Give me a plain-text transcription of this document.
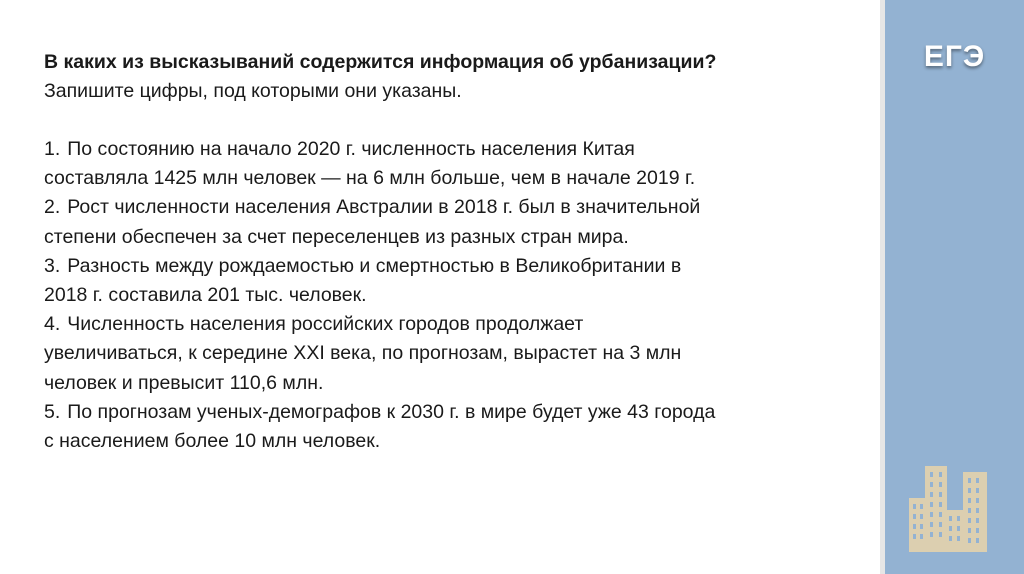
В каких из высказываний содержится информация об урбанизации?

Запишите цифры, под которыми они указаны.

1. По состоянию на начало 2020 г. численность населения Китая
составляла 1425 млн человек — на 6 млн больше, чем в начале 2019 г.
2. Рост численности населения Австралии в 2018 г. был в значительной
степени обеспечен за счет переселенцев из разных стран мира.
3. Разность между рождаемостью и смертностью в Великобритании в
2018 г. составила 201 тыс. человек.
4. Численность населения российских городов продолжает
увеличиваться, к середине XXI века, по прогнозам, вырастет на 3 млн
человек и превысит 110,6 млн.
5. По прогнозам ученых-демографов к 2030 г. в мире будет уже 43 города
с населением более 10 млн человек.
ЕГЭ
